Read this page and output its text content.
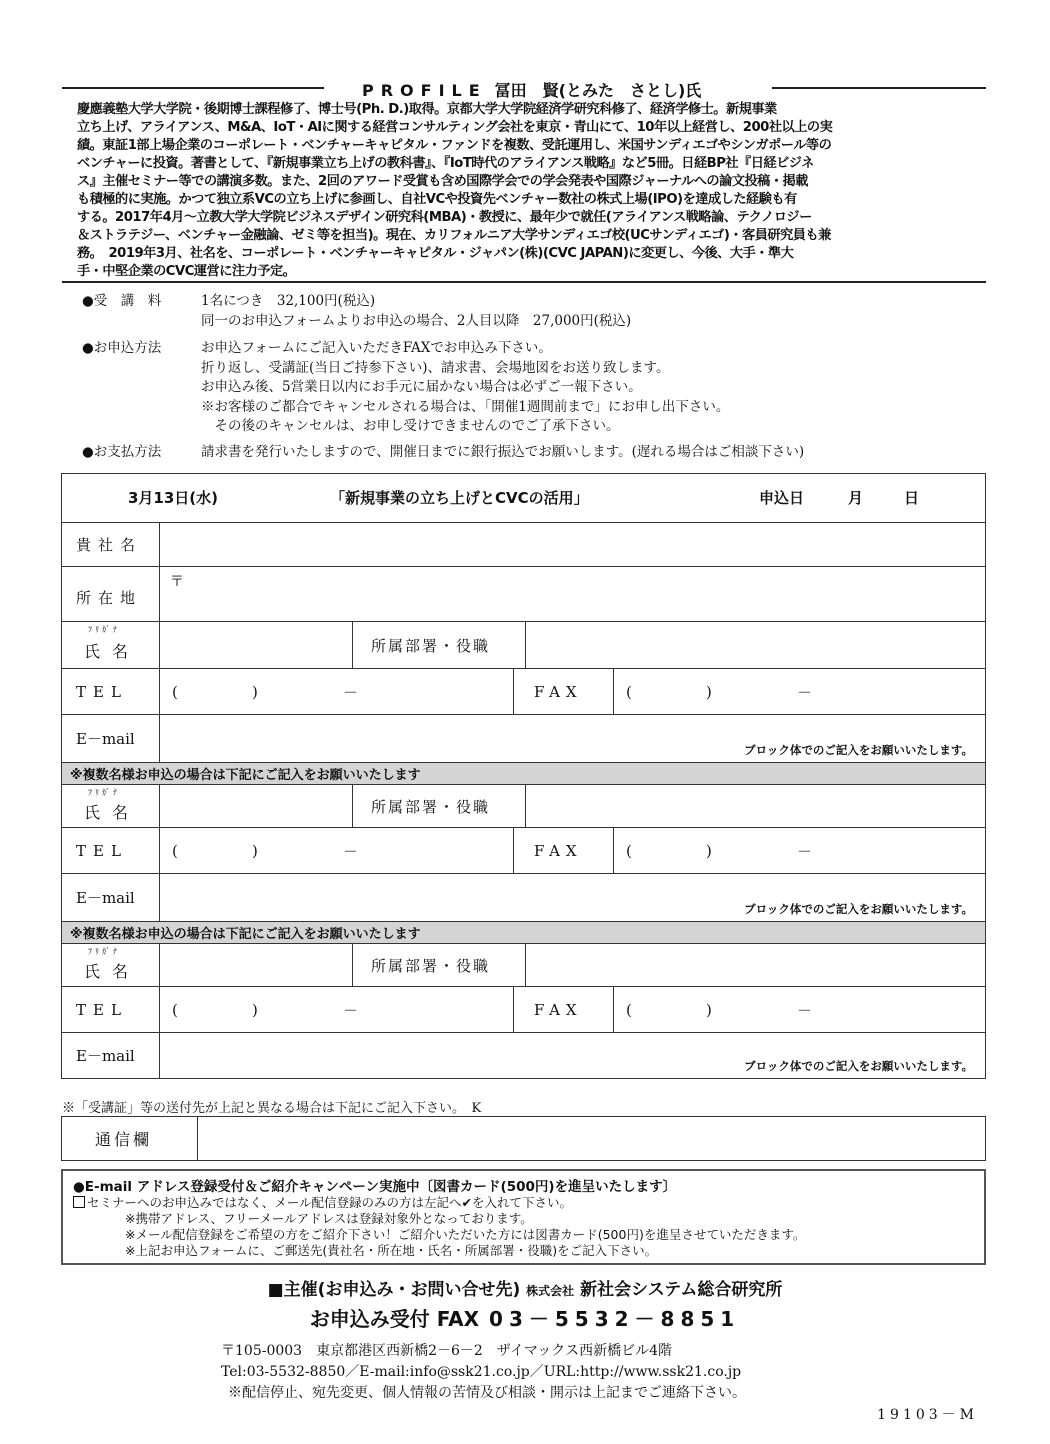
PROFILE 冨田　賢(とみた　さとし)氏

慶應義塾大学大学院・後期博士課程修了、博士号(Ph. D.)取得。京都大学大学院経済学研究科修了、経済学修士。新規事業

立ち上げ、アライアンス、M&A、IoT・AIに関する経営コンサルティング会社を東京・青山にて、10年以上経営し、200社以上の実

績。東証1部上場企業のコーポレート・ベンチャーキャピタル・ファンドを複数、受託運用し、米国サンディエゴやシンガポール等の

ベンチャーに投資。著書として、『新規事業立ち上げの教科書』、『IoT時代のアライアンス戦略』など5冊。日経BP社『日経ビジネ

ス』主催セミナー等での講演多数。また、2回のアワード受賞も含め国際学会での学会発表や国際ジャーナルへの論文投稿・掲載

も積極的に実施。かつて独立系VCの立ち上げに参画し、自社VCや投資先ベンチャー数社の株式上場(IPO)を達成した経験も有

する。2017年4月～立教大学大学院ビジネスデザイン研究科(MBA)・教授に、最年少で就任(アライアンス戦略論、テクノロジー

＆ストラテジー、ベンチャー金融論、ゼミ等を担当)。現在、カリフォルニア大学サンディエゴ校(UCサンディエゴ)・客員研究員も兼

務。　2019年3月、社名を、コーポレート・ベンチャーキャピタル・ジャパン(株)(CVC JAPAN)に変更し、今後、大手・準大

手・中堅企業のCVC運営に注力予定。

●受　講　料	1名につき　32,100円(税込)

同一のお申込フォームよりお申込の場合、2人目以降　27,000円(税込)

●お申込方法	お申込フォームにご記入いただきFAXでお申込み下さい。

折り返し、受講証(当日ご持参下さい)、請求書、会場地図をお送り致します。

お申込み後、5営業日以内にお手元に届かない場合は必ずご一報下さい。

※お客様のご都合でキャンセルされる場合は、「開催1週間前まで」にお申し出下さい。

　その後のキャンセルは、お申し受けできませんのでご了承下さい。

●お支払方法	請求書を発行いたしますので、開催日までに銀行振込でお願いします。(遅れる場合はご相談下さい)

3月13日(水)	「新規事業の立ち上げとCVCの活用」	申込日	月	日
貴社名
所在地
〒
ﾌﾘｶﾞﾅ
氏名	所属部署・役職
TEL	(	)	－	FAX	(	)	－
E－mail
ブロック体でのご記入をお願いいたします。
※複数名様お申込の場合は下記にご記入をお願いいたします
ﾌﾘｶﾞﾅ
氏名	所属部署・役職
TEL	(	)	－	FAX	(	)	－
E－mail
ブロック体でのご記入をお願いいたします。
※複数名様お申込の場合は下記にご記入をお願いいたします
ﾌﾘｶﾞﾅ
氏名	所属部署・役職
TEL	(	)	－	FAX	(	)	－
E－mail
ブロック体でのご記入をお願いいたします。
※「受講証」等の送付先が上記と異なる場合は下記にご記入下さい。　K
通信欄
●E-mail アドレス登録受付＆ご紹介キャンペーン実施中〔図書カード(500円)を進呈いたします〕
セミナーへのお申込みではなく、メール配信登録のみの方は左記へ✔を入れて下さい。
※携帯アドレス、フリーメールアドレスは登録対象外となっております。
※メール配信登録をご希望の方をご紹介下さい！ご紹介いただいた方には図書カード(500円)を進呈させていただきます。
※上記お申込フォームに、ご郵送先(貴社名・所在地・氏名・所属部署・役職)をご記入下さい。
■主催(お申込み・お問い合せ先) 株式会社 新社会システム総合研究所
お申込み受付 FAX 03－5532－8851
〒105-0003　東京都港区西新橋2－6－2　ザイマックス西新橋ビル4階
Tel:03-5532-8850／E-mail:info@ssk21.co.jp／URL:http://www.ssk21.co.jp
※配信停止、宛先変更、個人情報の苦情及び相談・開示は上記までご連絡下さい。
19103－M
